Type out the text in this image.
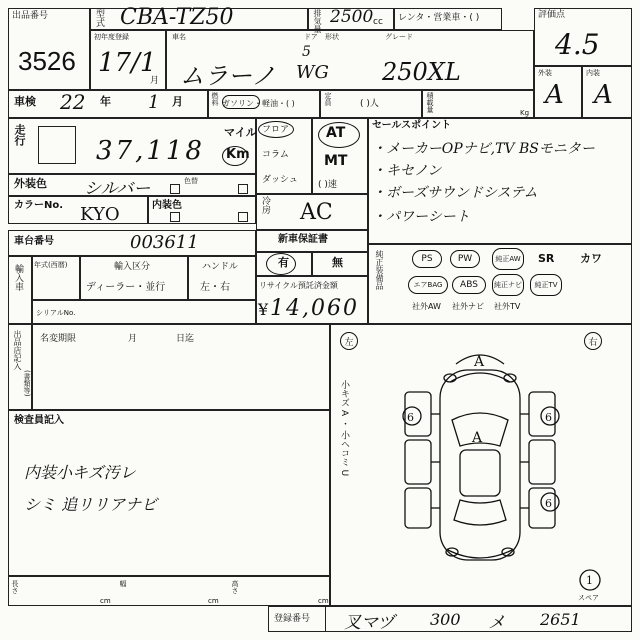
出品番号
3526
型式 CBA-TZ50	排気量 2500 cc レンタ・営業車・( )	評価点
4.5
初年度登録
17/1
月
車名
ムラーノ
ドア 形状	グレード
5
WG 250XL	外装
A
内装
A
車検 22 年 1 月	燃料 ガソリン・軽油・( )	定員	( )人	積載量	Kg
走行
37,118
マイル
Km
フロア
コラム
ダッシュ
AT
MT
( )速
セールスポイント
・メーカーOPナビ,TV BSモニター
・キセノン
・ボーズサウンドシステム
・パワーシート
外装色 シルバー	色替
カラーNo. KYO	内装色	冷房 AC
車台番号	003611	新車保証書
有	無	純正装備品	PS	PW	純正AW	SR カワ
エアBAG	ABS	純正ナビ	純正TV
社外AW 社外ナビ 社外TV
輸入車 年式(西暦)	輸入区分
ディーラー・並行
ハンドル
左・右
シリアルNo.
リサイクル預託済金額
¥ 14,060
出品店記入
(書類等)
名変期限	月	日迄
検査員記入
内装小キズ汚レ
シミ 追リリアナビ
長さ
cm
幅
cm
高さ
cm
左	右
小キズ A ・ 小ヘコミ U
A
A
6	6
6
1
スペア
登録番号 叉マヅ 300 メ 2651
